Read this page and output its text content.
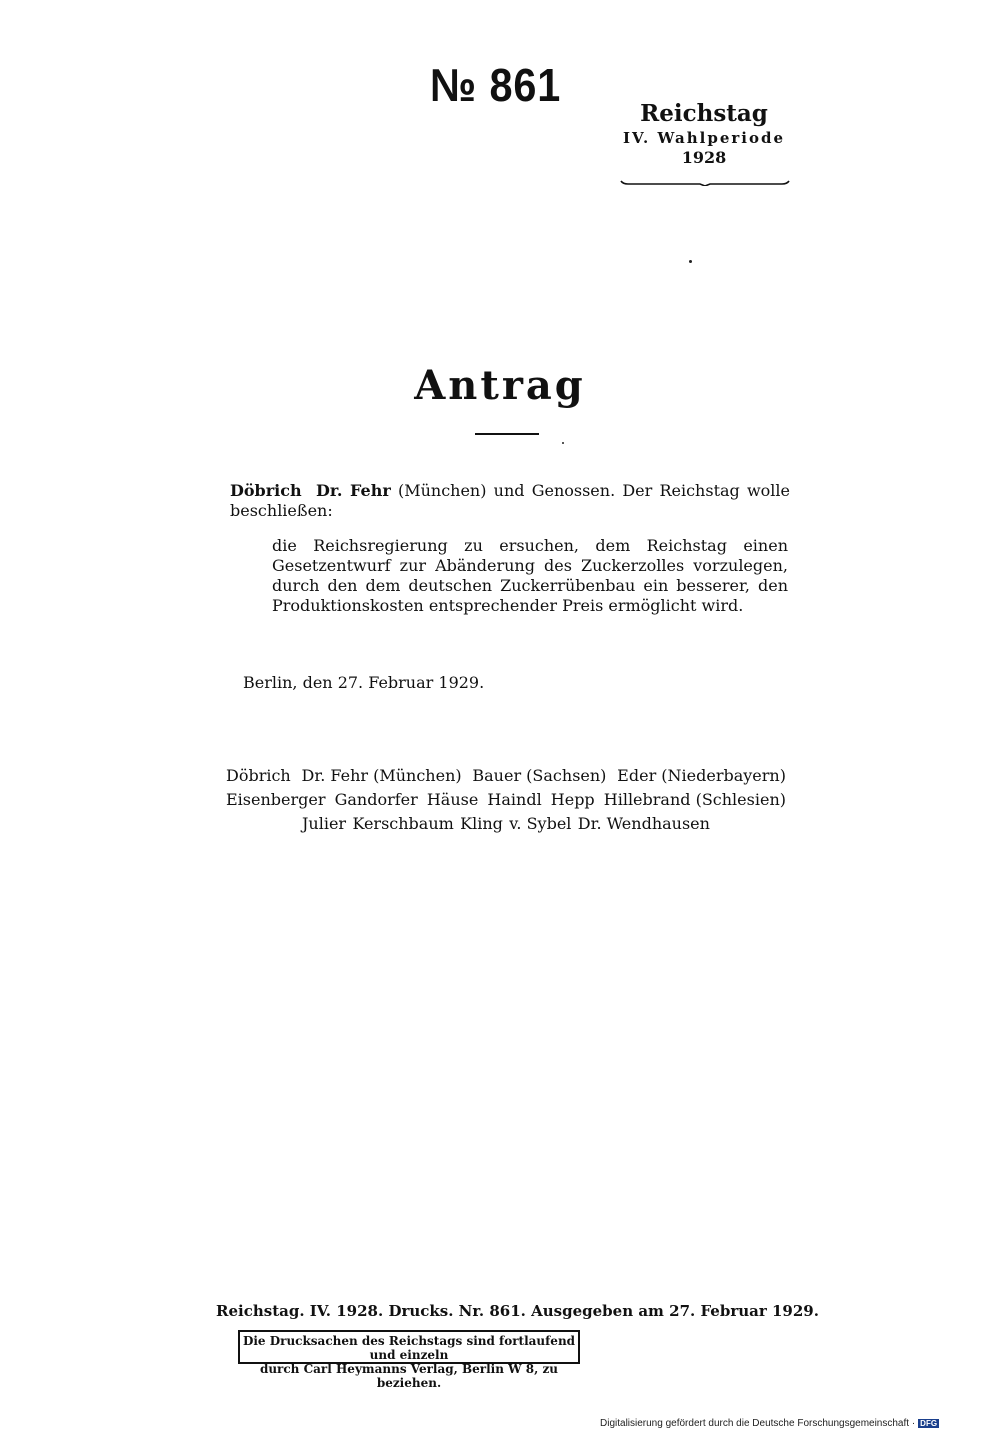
№ 861
Reichstag
IV. Wahlperiode
1928
Antrag
Döbrich Dr. Fehr (München) und Genossen. Der Reichstag wolle beschließen:
die Reichsregierung zu ersuchen, dem Reichstag einen Gesetzentwurf zur Abänderung des Zuckerzolles vorzulegen, durch den dem deutschen Zuckerrübenbau ein besserer, den Produktionskosten entsprechender Preis ermöglicht wird.
Berlin, den 27. Februar 1929.
Döbrich Dr. Fehr (München) Bauer (Sachsen) Eder (Niederbayern)
Eisenberger Gandorfer Häuse Haindl Hepp Hillebrand (Schlesien)
Julier Kerschbaum Kling v. Sybel Dr. Wendhausen
Reichstag. IV. 1928. Drucks. Nr. 861. Ausgegeben am 27. Februar 1929.
Die Drucksachen des Reichstags sind fortlaufend und einzeln
durch Carl Heymanns Verlag, Berlin W 8, zu beziehen.
Digitalisierung gefördert durch die Deutsche Forschungsgemeinschaft · DFG
